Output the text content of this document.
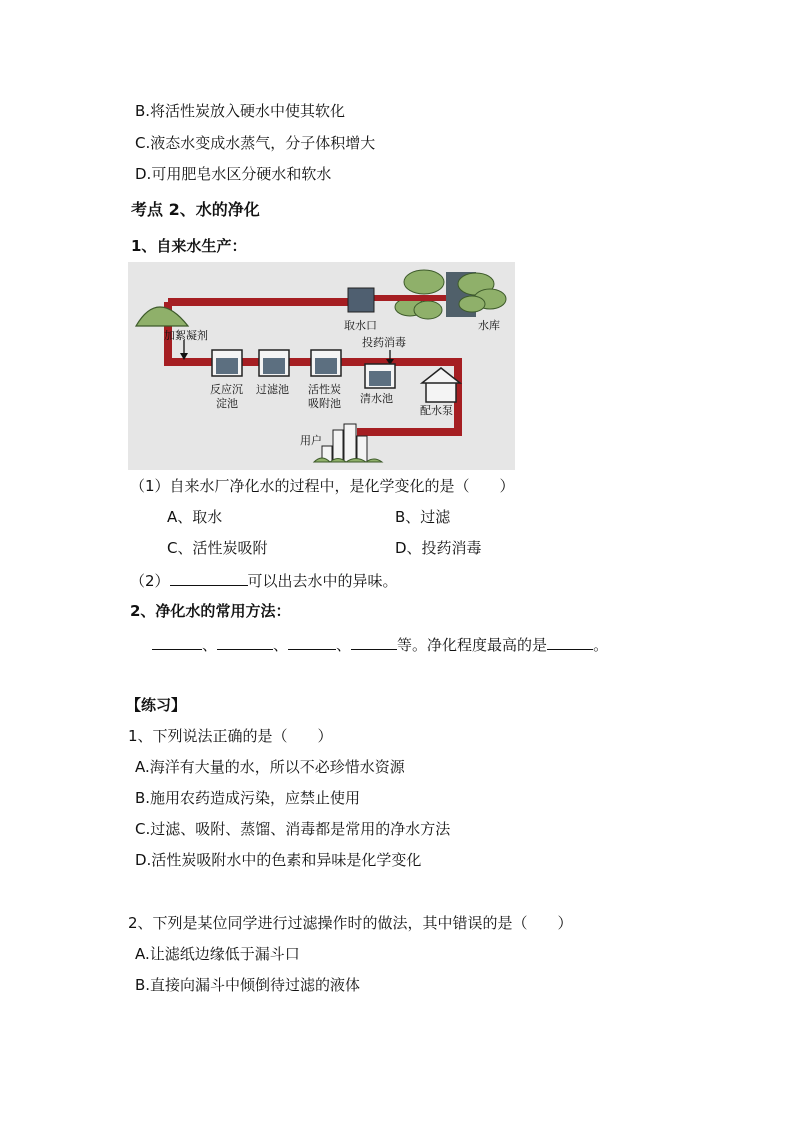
B.将活性炭放入硬水中使其软化
C.液态水变成水蒸气，分子体积增大
D.可用肥皂水区分硬水和软水
考点 2、水的净化
1、自来水生产：
取水口	水库
加絮凝剂
投药消毒
反应沉
淀池
过滤池 活性炭
吸附池 清水池
配水泵
用户
（1）自来水厂净化水的过程中，是化学变化的是（　　）
A、取水	B、过滤
C、活性炭吸附	D、投药消毒
（2）	可以出去水中的异味。
2、净化水的常用方法：
、	、	、	等。净化程度最高的是	。
【练习】
1、下列说法正确的是（　　）
A.海洋有大量的水，所以不必珍惜水资源
B.施用农药造成污染，应禁止使用
C.过滤、吸附、蒸馏、消毒都是常用的净水方法
D.活性炭吸附水中的色素和异味是化学变化
2、下列是某位同学进行过滤操作时的做法，其中错误的是（　　）
A.让滤纸边缘低于漏斗口
B.直接向漏斗中倾倒待过滤的液体
